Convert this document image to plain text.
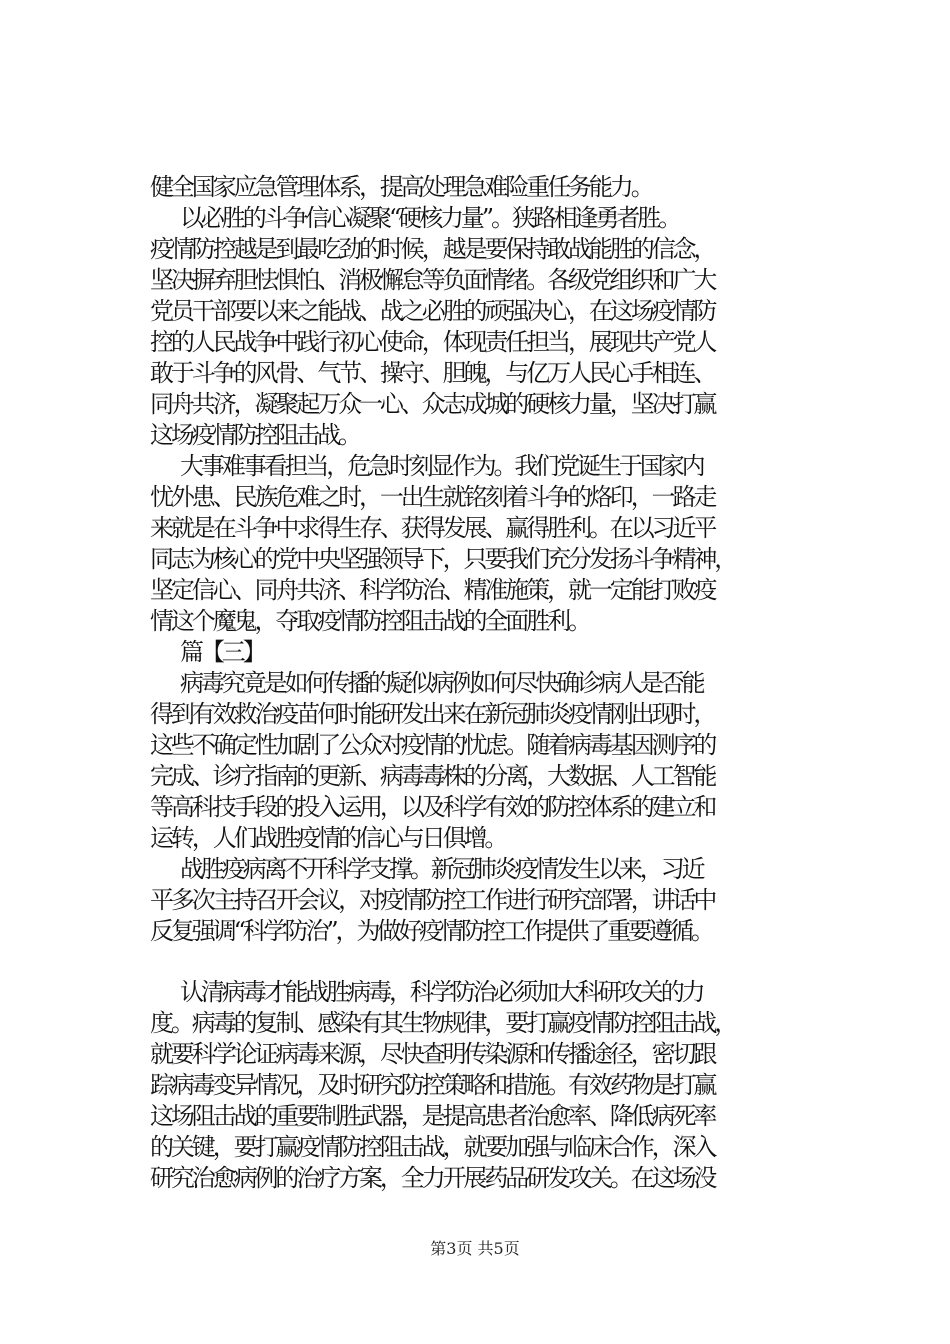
健全国家应急管理体系，提高处理急难险重任务能力。
以必胜的斗争信心凝聚“硬核力量”。狭路相逢勇者胜。
疫情防控越是到最吃劲的时候，越是要保持敢战能胜的信念，
坚决摒弃胆怯惧怕、消极懈怠等负面情绪。各级党组织和广大
党员干部要以来之能战、战之必胜的顽强决心，在这场疫情防
控的人民战争中践行初心使命，体现责任担当，展现共产党人
敢于斗争的风骨、气节、操守、胆魄，与亿万人民心手相连、
同舟共济，凝聚起万众一心、众志成城的硬核力量，坚决打赢
这场疫情防控阻击战。
大事难事看担当，危急时刻显作为。我们党诞生于国家内
忧外患、民族危难之时，一出生就铭刻着斗争的烙印，一路走
来就是在斗争中求得生存、获得发展、赢得胜利。在以习近平
同志为核心的党中央坚强领导下，只要我们充分发扬斗争精神，
坚定信心、同舟共济、科学防治、精准施策，就一定能打败疫
情这个魔鬼，夺取疫情防控阻击战的全面胜利。
篇【三】
病毒究竟是如何传播的疑似病例如何尽快确诊病人是否能
得到有效救治疫苗何时能研发出来在新冠肺炎疫情刚出现时，
这些不确定性加剧了公众对疫情的忧虑。随着病毒基因测序的
完成、诊疗指南的更新、病毒毒株的分离，大数据、人工智能
等高科技手段的投入运用，以及科学有效的防控体系的建立和
运转，人们战胜疫情的信心与日俱增。
战胜疫病离不开科学支撑。新冠肺炎疫情发生以来，习近
平多次主持召开会议，对疫情防控工作进行研究部署，讲话中
反复强调“科学防治”，为做好疫情防控工作提供了重要遵循。
认清病毒才能战胜病毒，科学防治必须加大科研攻关的力
度。病毒的复制、感染有其生物规律，要打赢疫情防控阻击战，
就要科学论证病毒来源，尽快查明传染源和传播途径，密切跟
踪病毒变异情况，及时研究防控策略和措施。有效药物是打赢
这场阻击战的重要制胜武器，是提高患者治愈率、降低病死率
的关键，要打赢疫情防控阻击战，就要加强与临床合作，深入
研究治愈病例的治疗方案，全力开展药品研发攻关。在这场没
第3页 共5页
